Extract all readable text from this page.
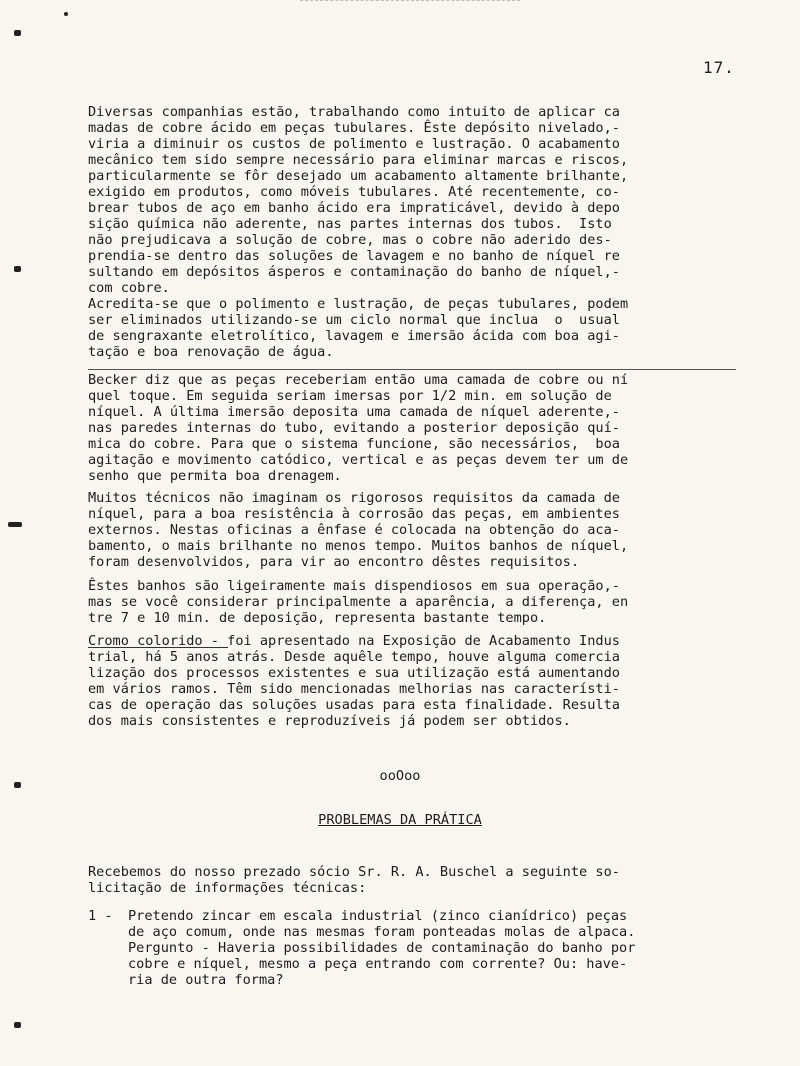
17.
Diversas companhias estão, trabalhando como intuito de aplicar ca
madas de cobre ácido em peças tubulares. Êste depósito nivelado,-
viria a diminuir os custos de polimento e lustração. O acabamento
mecânico tem sido sempre necessário para eliminar marcas e riscos,
particularmente se fôr desejado um acabamento altamente brilhante,
exigido em produtos, como móveis tubulares. Até recentemente, co-
brear tubos de aço em banho ácido era impraticável, devido à depo
sição química não aderente, nas partes internas dos tubos.  Isto
não prejudicava a solução de cobre, mas o cobre não aderido des-
prendia-se dentro das soluções de lavagem e no banho de níquel re
sultando em depósitos ásperos e contaminação do banho de níquel,-
com cobre.
Acredita-se que o polimento e lustração, de peças tubulares, podem
ser eliminados utilizando-se um ciclo normal que inclua  o  usual
de sengraxante eletrolítico, lavagem e imersão ácida com boa agi-
tação e boa renovação de água.
Becker diz que as peças receberiam então uma camada de cobre ou ní
quel toque. Em seguida seriam imersas por 1/2 min. em solução de
níquel. A última imersão deposita uma camada de níquel aderente,-
nas paredes internas do tubo, evitando a posterior deposição quí-
mica do cobre. Para que o sistema funcione, são necessários,  boa
agitação e movimento catódico, vertical e as peças devem ter um de
senho que permita boa drenagem.
Muitos técnicos não imaginam os rigorosos requisitos da camada de
níquel, para a boa resistência à corrosão das peças, em ambientes
externos. Nestas oficinas a ênfase é colocada na obtenção do aca-
bamento, o mais brilhante no menos tempo. Muitos banhos de níquel,
foram desenvolvidos, para vir ao encontro dêstes requisitos.
Êstes banhos são ligeiramente mais dispendiosos em sua operação,-
mas se você considerar principalmente a aparência, a diferença, en
tre 7 e 10 min. de deposição, representa bastante tempo.
Cromo colorido - foi apresentado na Exposição de Acabamento Indus
trial, há 5 anos atrás. Desde aquêle tempo, houve alguma comercia
lização dos processos existentes e sua utilização está aumentando
em vários ramos. Têm sido mencionadas melhorias nas característi-
cas de operação das soluções usadas para esta finalidade. Resulta
dos mais consistentes e reproduzíveis já podem ser obtidos.
ooOoo
PROBLEMAS DA PRÁTICA
Recebemos do nosso prezado sócio Sr. R. A. Buschel a seguinte so-
licitação de informações técnicas:
1 - Pretendo zincar em escala industrial (zinco cianídrico) peças
de aço comum, onde nas mesmas foram ponteadas molas de alpaca.
Pergunto - Haveria possibilidades de contaminação do banho por
cobre e níquel, mesmo a peça entrando com corrente? Ou: have-
ria de outra forma?
